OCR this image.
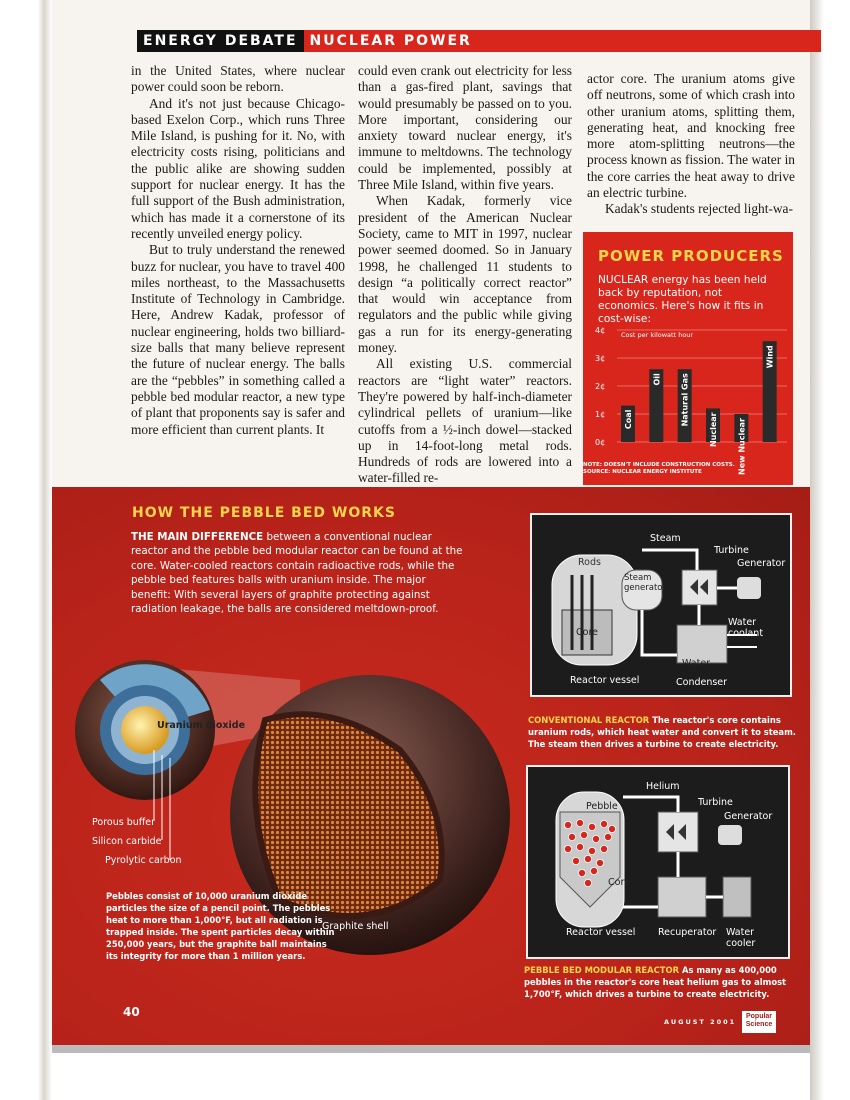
ENERGY DEBATE NUCLEAR POWER

in the United States, where nuclear power could soon be reborn.

And it's not just because Chicago-based Exelon Corp., which runs Three Mile Island, is pushing for it. No, with electricity costs rising, politicians and the public alike are showing sudden support for nuclear energy. It has the full support of the Bush administration, which has made it a cornerstone of its recently unveiled energy policy.

But to truly understand the renewed buzz for nuclear, you have to travel 400 miles northeast, to the Massachusetts Institute of Technology in Cambridge. Here, Andrew Kadak, professor of nuclear engineering, holds two billiard-size balls that many believe represent the future of nuclear energy. The balls are the “pebbles” in something called a pebble bed modular reactor, a new type of plant that proponents say is safer and more efficient than current plants. It

could even crank out electricity for less than a gas-fired plant, savings that would presumably be passed on to you. More important, considering our anxiety toward nuclear energy, it's immune to meltdowns. The technology could be implemented, possibly at Three Mile Island, within five years.

When Kadak, formerly vice president of the American Nuclear Society, came to MIT in 1997, nuclear power seemed doomed. So in January 1998, he challenged 11 students to design “a politically correct reactor” that would win acceptance from regulators and the public while giving gas a run for its energy-generating money.

All existing U.S. commercial reactors are “light water” reactors. They're powered by half-inch-diameter cylindrical pellets of uranium—like cutoffs from a ½-inch dowel—stacked up in 14-foot-long metal rods. Hundreds of rods are lowered into a water-filled re-

actor core. The uranium atoms give off neutrons, some of which crash into other uranium atoms, splitting them, generating heat, and knocking free more atom-splitting neutrons—the process known as fission. The water in the core carries the heat away to drive an electric turbine.

Kadak's students rejected light-wa-

POWER PRODUCERS
NUCLEAR energy has been held back by reputation, not economics. Here's how it fits in cost-wise:
4¢
3¢
2¢
1¢
0¢
Cost per kilowatt hour
Coal
Oil Natural Gas
Nuclear New Nuclear
Wind
NOTE: DOESN'T INCLUDE CONSTRUCTION COSTS.
SOURCE: NUCLEAR ENERGY INSTITUTE
HOW THE PEBBLE BED WORKS
THE MAIN DIFFERENCE between a conventional nuclear reactor and the pebble bed modular reactor can be found at the core. Water-cooled reactors contain radioactive rods, while the pebble bed features balls with uranium inside. The major benefit: With several layers of graphite protecting against radiation leakage, the balls are considered meltdown-proof.
Uranium dioxide
Porous buffer
Silicon carbide
Pyrolytic carbon
Graphite shell
Pebbles consist of 10,000 uranium dioxide particles the size of a pencil point. The pebbles heat to more than 1,000°F, but all radiation is trapped inside. The spent particles decay within 250,000 years, but the graphite ball maintains its integrity for more than 1 million years.
Steam
Turbine
Generator
Rods
Steam generator
Core
Water coolant
Water
Reactor vessel	Condenser
CONVENTIONAL REACTOR The reactor's core contains uranium rods, which heat water and convert it to steam. The steam then drives a turbine to create electricity.
Helium
Turbine
Generator
Pebble
Core
Reactor vessel Recuperator Water cooler
PEBBLE BED MODULAR REACTOR As many as 400,000 pebbles in the reactor's core heat helium gas to almost 1,700°F, which drives a turbine to create electricity.
40
AUGUST 2001
Popular
Science
